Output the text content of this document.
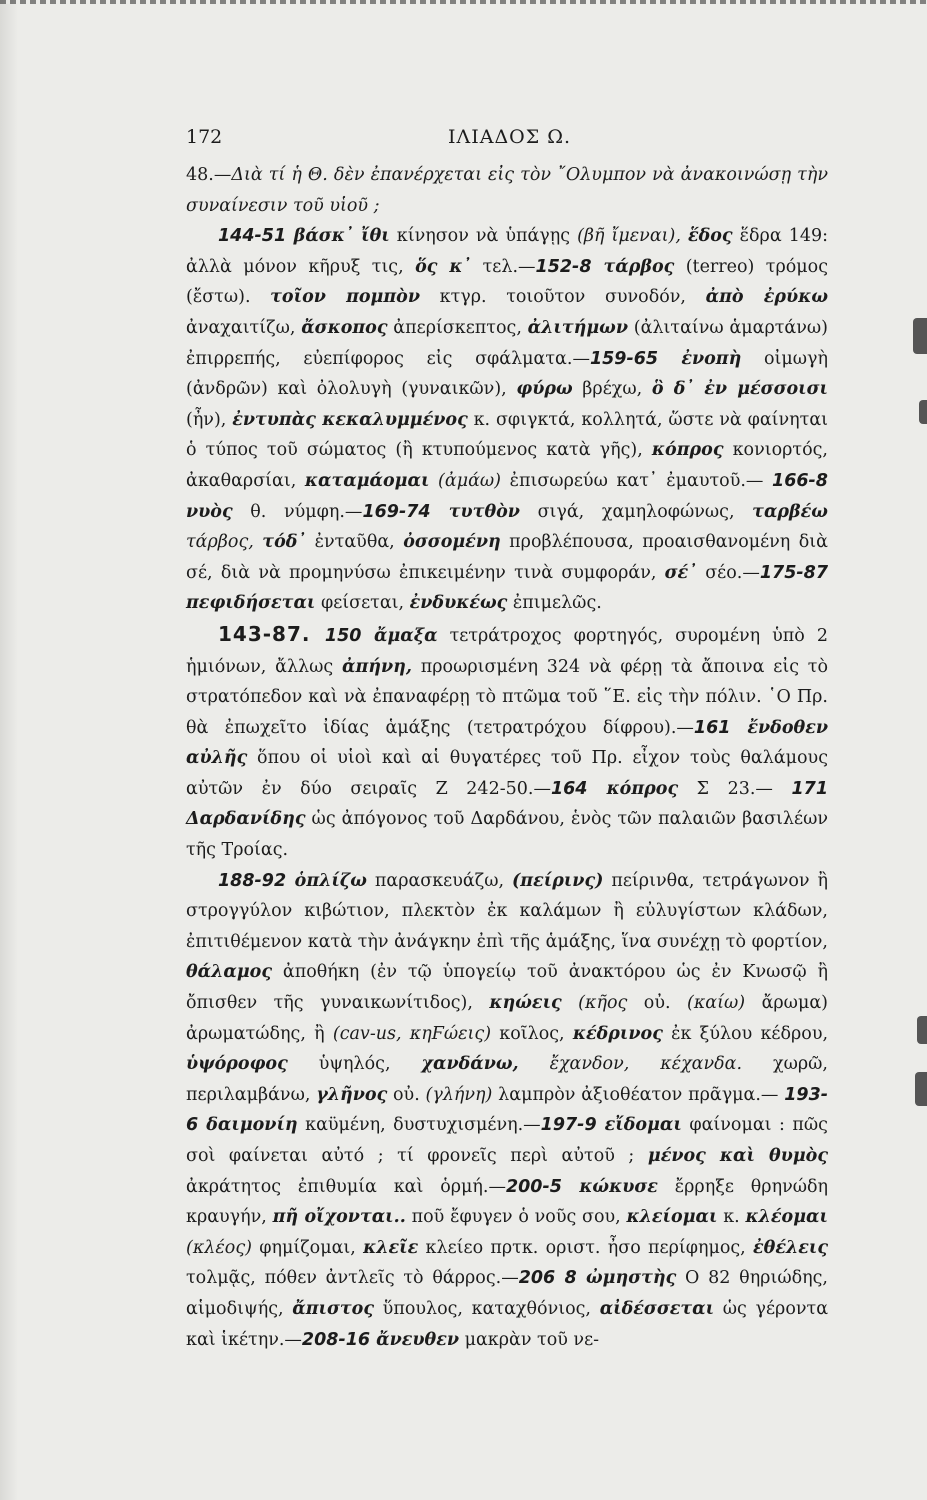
172	ΙΛΙΑΔΟΣ Ω.

48.—Διὰ τί ἡ Θ. δὲν ἐπανέρχεται εἰς τὸν ῎Ολυμπον νὰ ἀνακοινώσῃ τὴν συναίνεσιν τοῦ υἱοῦ ;

144-51 βάσκ᾽ ἴθι κίνησον νὰ ὑπάγῃς (βῆ ἴμεναι), ἕδος ἕδρα 149: ἀλλὰ μόνον κῆρυξ τις, ὅς κ᾽ τελ.—152-8 τάρβος (terreo) τρόμος (ἔστω). τοῖον πομπὸν κτγρ. τοιοῦτον συνοδόν, ἀπὸ ἐρύκω ἀναχαιτίζω, ἄσκοπος ἀπερίσκεπτος, ἀλιτήμων (ἀλιταίνω ἁμαρτάνω) ἐπιρρεπής, εὐεπίφορος εἰς σφάλματα.—159-65 ἐνοπὴ οἰμωγὴ (ἀνδρῶν) καὶ ὀλολυγὴ (γυναικῶν), φύρω βρέχω, ὃ δ᾽ ἐν μέσσοισι (ἦν), ἐντυπὰς κεκαλυμμένος κ. σφιγκτά, κολλητά, ὥστε νὰ φαίνηται ὁ τύπος τοῦ σώματος (ἢ κτυπούμενος κατὰ γῆς), κόπρος κονιορτός, ἀκαθαρσίαι, καταμάομαι (ἀμάω) ἐπισωρεύω κατ᾽ ἐμαυτοῦ.— 166-8 νυὸς θ. νύμφη.—169-74 τυτθὸν σιγά, χαμηλοφώνως, ταρβέω τάρβος, τόδ᾽ ἐνταῦθα, ὀσσομένη προβλέπουσα, προαισθανομένη διὰ σέ, διὰ νὰ προμηνύσω ἐπικειμένην τινὰ συμφοράν, σέ᾽ σέο.—175-87 πεφιδήσεται φείσεται, ἐνδυκέως ἐπιμελῶς.

143-87. 150 ἄμαξα τετράτροχος φορτηγός, συρομένη ὑπὸ 2 ἡμιόνων, ἄλλως ἀπήνη, προωρισμένη 324 νὰ φέρῃ τὰ ἄποινα εἰς τὸ στρατόπεδον καὶ νὰ ἐπαναφέρῃ τὸ πτῶμα τοῦ ῞Ε. εἰς τὴν πόλιν. ῾Ο Πρ. θὰ ἐπωχεῖτο ἰδίας ἁμάξης (τετρατρόχου δίφρου).—161 ἔνδοθεν αὐλῆς ὅπου οἱ υἱοὶ καὶ αἱ θυγατέρες τοῦ Πρ. εἶχον τοὺς θαλάμους αὐτῶν ἐν δύο σειραῖς Ζ 242-50.—164 κόπρος Σ 23.— 171 Δαρδανίδης ὡς ἀπόγονος τοῦ Δαρδάνου, ἑνὸς τῶν παλαιῶν βασιλέων τῆς Τροίας.

188-92 ὁπλίζω παρασκευάζω, (πείρινς) πείρινθα, τετράγωνον ἢ στρογγύλον κιβώτιον, πλεκτὸν ἐκ καλάμων ἢ εὐλυγίστων κλάδων, ἐπιτιθέμενον κατὰ τὴν ἀνάγκην ἐπὶ τῆς ἁμάξης, ἵνα συνέχῃ τὸ φορτίον, θάλαμος ἀποθήκη (ἐν τῷ ὑπογείῳ τοῦ ἀνακτόρου ὡς ἐν Κνωσῷ ἢ ὄπισθεν τῆς γυναικωνίτιδος), κηώεις (κῆος οὐ. (καίω) ἄρωμα) ἀρωματώδης, ἢ (cav-us, κηϜώεις) κοῖλος, κέδρινος ἐκ ξύλου κέδρου, ὑψόροφος ὑψηλός, χανδάνω, ἔχανδον, κέχανδα. χωρῶ, περιλαμβάνω, γλῆνος οὐ. (γλήνη) λαμπρὸν ἀξιοθέατον πρᾶγμα.— 193-6 δαιμονίη καϋμένη, δυστυχισμένη.—197-9 εἴδομαι φαίνομαι : πῶς σοὶ φαίνεται αὐτό ; τί φρονεῖς περὶ αὐτοῦ ; μένος καὶ θυμὸς ἀκράτητος ἐπιθυμία καὶ ὁρμή.—200-5 κώκυσε ἔρρηξε θρηνώδη κραυγήν, πῆ οἴχονται.. ποῦ ἔφυγεν ὁ νοῦς σου, κλείομαι κ. κλέομαι (κλέος) φημίζομαι, κλεῖε κλείεο πρτκ. οριστ. ἦσο περίφημος, ἐθέλεις τολμᾷς, πόθεν ἀντλεῖς τὸ θάρρος.—206 8 ὠμηστὴς Ο 82 θηριώδης, αἱμοδιψής, ἄπιστος ὕπουλος, καταχθόνιος, αἰδέσσεται ὡς γέροντα καὶ ἱκέτην.—208-16 ἄνευθεν μακρὰν τοῦ νε-
